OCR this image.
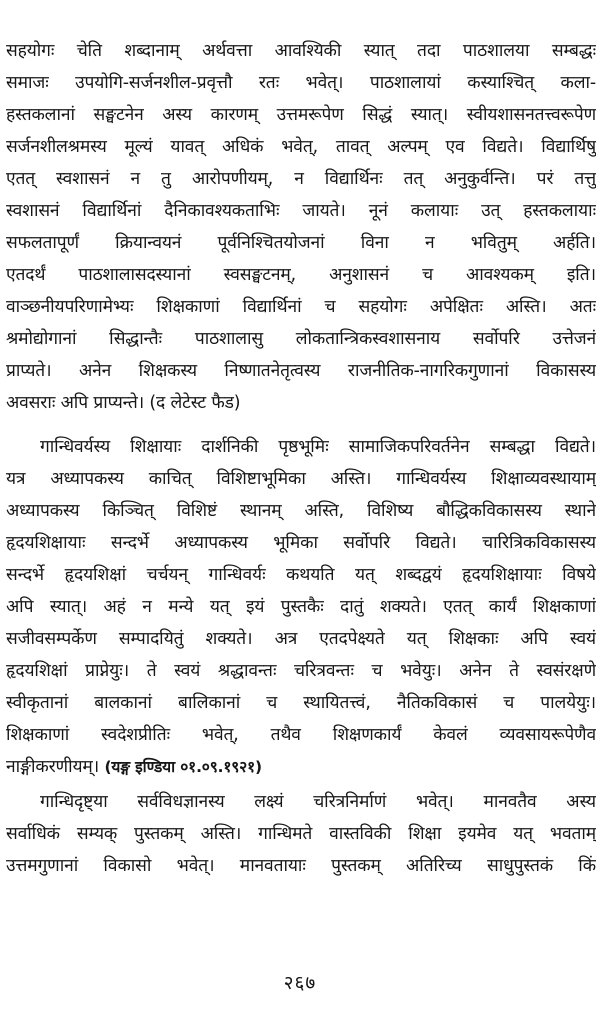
सहयोगः चेति शब्दानाम् अर्थवत्ता आवश्यिकी स्यात् तदा पाठशालया सम्बद्धः
समाजः उपयोगि-सर्जनशील-प्रवृत्तौ रतः भवेत्। पाठशालायां कस्याश्चित् कला-
हस्तकलानां सङ्घटनेन अस्य कारणम् उत्तमरूपेण सिद्धं स्यात्। स्वीयशासनतत्त्वरूपेण
सर्जनशीलश्रमस्य मूल्यं यावत् अधिकं भवेत्, तावत् अल्पम् एव विद्यते। विद्यार्थिषु
एतत् स्वशासनं न तु आरोपणीयम्, न विद्यार्थिनः तत् अनुकुर्वन्ति। परं तत्तु
स्वशासनं विद्यार्थिनां दैनिकावश्यकताभिः जायते। नूनं कलायाः उत् हस्तकलायाः
सफलतापूर्णं क्रियान्वयनं पूर्वनिश्चितयोजनां विना न भवितुम् अर्हति।
एतदर्थं पाठशालासदस्यानां स्वसङ्घटनम्, अनुशासनं च आवश्यकम् इति।
वाञ्छनीयपरिणामेभ्यः शिक्षकाणां विद्यार्थिनां च सहयोगः अपेक्षितः अस्ति। अतः
श्रमोद्योगानां सिद्धान्तैः पाठशालासु लोकतान्त्रिकस्वशासनाय सर्वोपरि उत्तेजनं
प्राप्यते। अनेन शिक्षकस्य निष्णातनेतृत्वस्य राजनीतिक-नागरिकगुणानां विकासस्य
अवसराः अपि प्राप्यन्ते। (द लेटेस्ट फैड)
गान्धिवर्यस्य शिक्षायाः दार्शनिकी पृष्ठभूमिः सामाजिकपरिवर्तनेन सम्बद्धा विद्यते।
यत्र अध्यापकस्य काचित् विशिष्टाभूमिका अस्ति। गान्धिवर्यस्य शिक्षाव्यवस्थायाम्
अध्यापकस्य किञ्चित् विशिष्टं स्थानम् अस्ति, विशिष्य बौद्धिकविकासस्य स्थाने
हृदयशिक्षायाः सन्दर्भे अध्यापकस्य भूमिका सर्वोपरि विद्यते। चारित्रिकविकासस्य
सन्दर्भे हृदयशिक्षां चर्चयन् गान्धिवर्यः कथयति यत् शब्दद्वयं हृदयशिक्षायाः विषये
अपि स्यात्। अहं न मन्ये यत् इयं पुस्तकैः दातुं शक्यते। एतत् कार्यं शिक्षकाणां
सजीवसम्पर्केण सम्पादयितुं शक्यते। अत्र एतदपेक्ष्यते यत् शिक्षकाः अपि स्वयं
हृदयशिक्षां प्राप्नेयुः। ते स्वयं श्रद्धावन्तः चरित्रवन्तः च भवेयुः। अनेन ते स्वसंरक्षणे
स्वीकृतानां बालकानां बालिकानां च स्थायितत्त्वं, नैतिकविकासं च पालयेयुः।
शिक्षकाणां स्वदेशप्रीतिः भवेत्, तथैव शिक्षणकार्यं केवलं व्यवसायरूपेणैव
नाङ्गीकरणीयम्। (यङ्ग इण्डिया ०१.०९.१९२१)
गान्धिदृष्ट्या सर्वविधज्ञानस्य लक्ष्यं चरित्रनिर्माणं भवेत्। मानवतैव अस्य
सर्वाधिकं सम्यक् पुस्तकम् अस्ति। गान्धिमते वास्तविकी शिक्षा इयमेव यत् भवताम्
उत्तमगुणानां विकासो भवेत्। मानवतायाः पुस्तकम् अतिरिच्य साधुपुस्तकं किं
२६७
